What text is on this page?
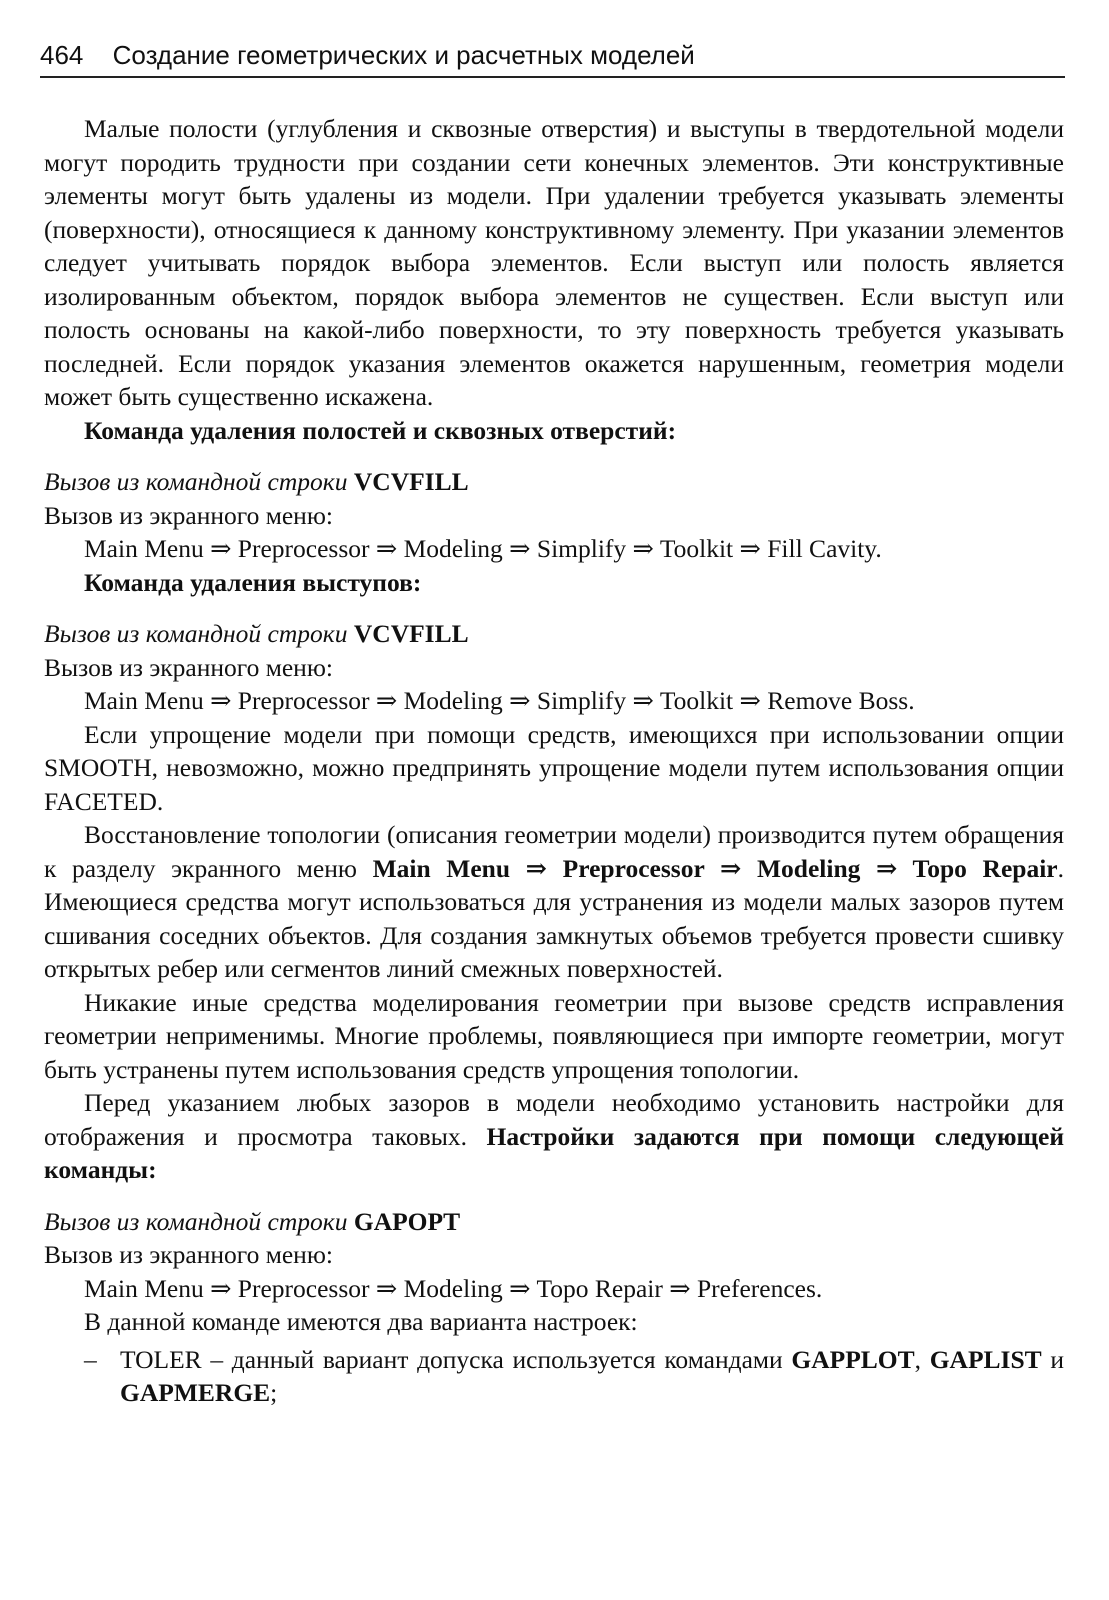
464 Создание геометрических и расчетных моделей

Малые полости (углубления и сквозные отверстия) и выступы в твердотельной модели могут породить трудности при создании сети конечных элементов. Эти конструктивные элементы могут быть удалены из модели. При удалении требуется указывать элементы (поверхности), относящиеся к данному конструктивному элементу. При указании элементов следует учитывать порядок выбора элементов. Если выступ или полость является изолированным объектом, порядок выбора элементов не существен. Если выступ или полость основаны на какой-либо поверхности, то эту поверхность требуется указывать последней. Если порядок указания элементов окажется нарушенным, геометрия модели может быть существенно искажена.

Команда удаления полостей и сквозных отверстий:

Вызов из командной строки VCVFILL

Вызов из экранного меню:

Main Menu ⇒ Preprocessor ⇒ Modeling ⇒ Simplify ⇒ Toolkit ⇒ Fill Cavity.

Команда удаления выступов:

Вызов из командной строки VCVFILL

Вызов из экранного меню:

Main Menu ⇒ Preprocessor ⇒ Modeling ⇒ Simplify ⇒ Toolkit ⇒ Remove Boss.

Если упрощение модели при помощи средств, имеющихся при использовании опции SMOOTH, невозможно, можно предпринять упрощение модели путем использования опции FACETED.

Восстановление топологии (описания геометрии модели) производится путем обращения к разделу экранного меню Main Menu ⇒ Preprocessor ⇒ Modeling ⇒ Topo Repair. Имеющиеся средства могут использоваться для устранения из модели малых зазоров путем сшивания соседних объектов. Для создания замкнутых объемов требуется провести сшивку открытых ребер или сегментов линий смежных поверхностей.

Никакие иные средства моделирования геометрии при вызове средств исправления геометрии неприменимы. Многие проблемы, появляющиеся при импорте геометрии, могут быть устранены путем использования средств упрощения топологии.

Перед указанием любых зазоров в модели необходимо установить настройки для отображения и просмотра таковых. Настройки задаются при помощи следующей команды:

Вызов из командной строки GAPOPT

Вызов из экранного меню:

Main Menu ⇒ Preprocessor ⇒ Modeling ⇒ Topo Repair ⇒ Preferences.

В данной команде имеются два варианта настроек:

– TOLER – данный вариант допуска используется командами GAPPLOT, GAPLIST и GAPMERGE;
